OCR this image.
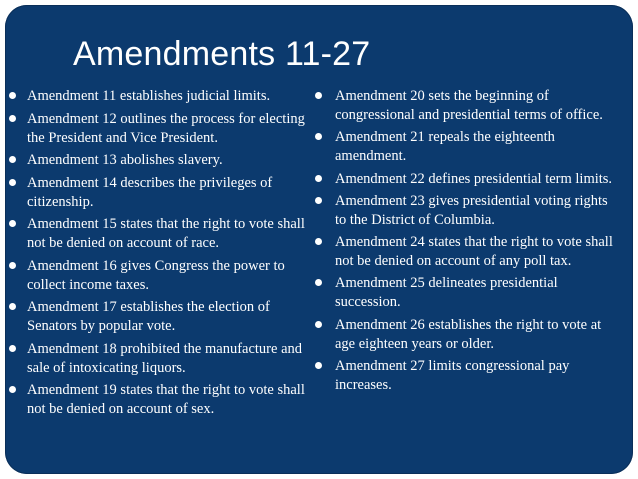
Amendments 11-27
Amendment 11 establishes judicial limits.
Amendment 12 outlines the process for electing the President and Vice President.
Amendment 13 abolishes slavery.
Amendment 14 describes the privileges of citizenship.
Amendment 15 states that the right to vote shall not be denied on account of race.
Amendment 16 gives Congress the power to collect income taxes.
Amendment 17 establishes the election of Senators by popular vote.
Amendment 18 prohibited the manufacture and sale of intoxicating liquors.
Amendment 19 states that the right to vote shall not be denied on account of sex.
Amendment 20 sets the beginning of congressional and presidential terms of office.
Amendment 21 repeals the eighteenth amendment.
Amendment 22 defines presidential term limits.
Amendment 23 gives presidential voting rights to the District of Columbia.
Amendment 24 states that the right to vote shall not be denied on account of any poll tax.
Amendment 25 delineates presidential succession.
Amendment 26 establishes the right to vote at age eighteen years or older.
Amendment 27 limits congressional pay increases.
